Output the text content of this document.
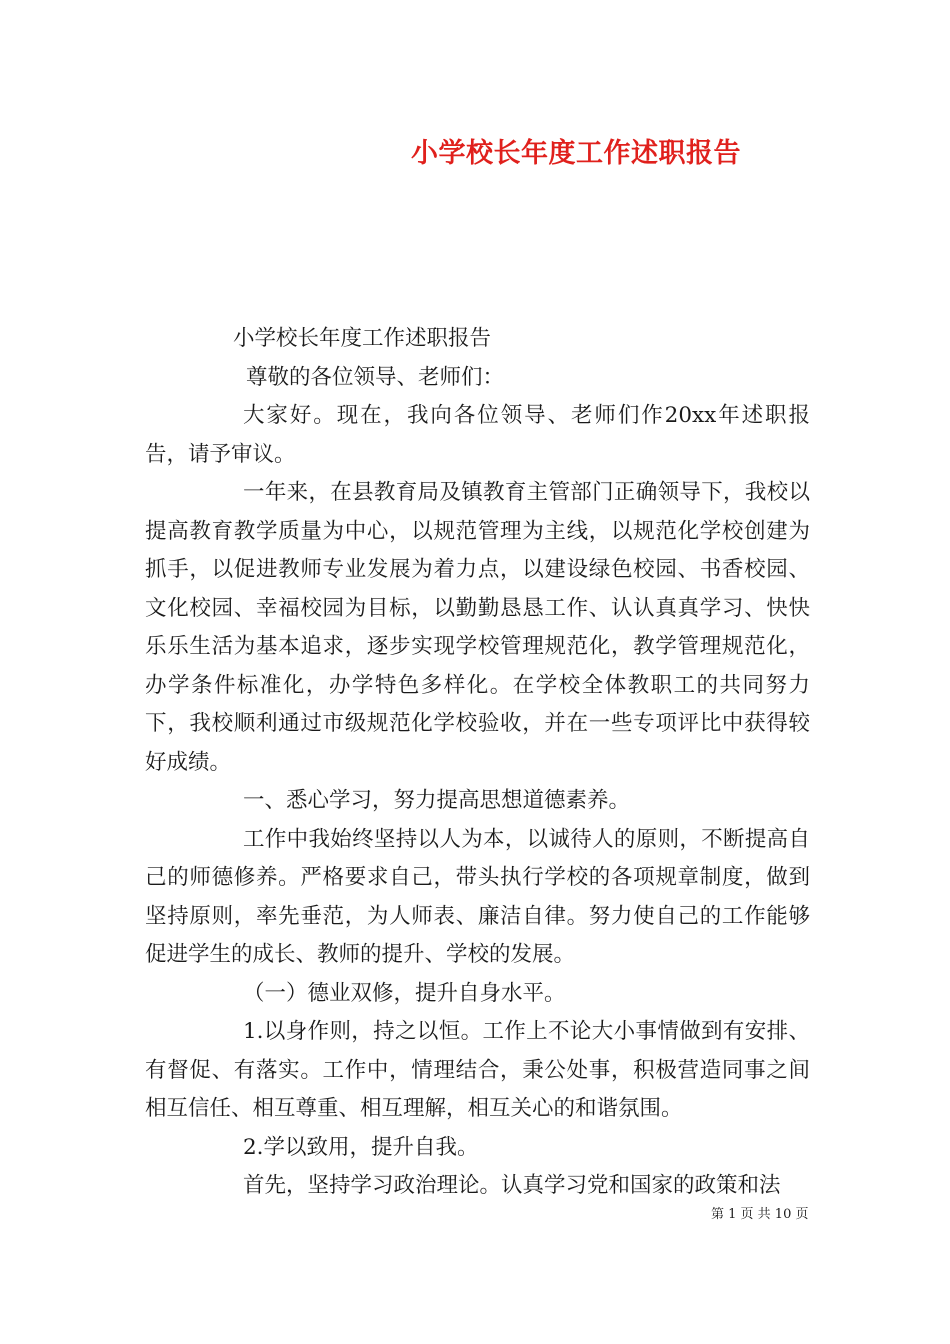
小学校长年度工作述职报告

小学校长年度工作述职报告

尊敬的各位领导、老师们：

大家好。现在，我向各位领导、老师们作20xx年述职报告，请予审议。

一年来，在县教育局及镇教育主管部门正确领导下，我校以提高教育教学质量为中心，以规范管理为主线，以规范化学校创建为抓手，以促进教师专业发展为着力点，以建设绿色校园、书香校园、文化校园、幸福校园为目标，以勤勤恳恳工作、认认真真学习、快快乐乐生活为基本追求，逐步实现学校管理规范化，教学管理规范化，办学条件标准化，办学特色多样化。在学校全体教职工的共同努力下，我校顺利通过市级规范化学校验收，并在一些专项评比中获得较好成绩。

一、悉心学习，努力提高思想道德素养。

工作中我始终坚持以人为本，以诚待人的原则，不断提高自己的师德修养。严格要求自己，带头执行学校的各项规章制度，做到坚持原则，率先垂范，为人师表、廉洁自律。努力使自己的工作能够促进学生的成长、教师的提升、学校的发展。

（一）德业双修，提升自身水平。

1.以身作则，持之以恒。工作上不论大小事情做到有安排、有督促、有落实。工作中，情理结合，秉公处事，积极营造同事之间相互信任、相互尊重、相互理解，相互关心的和谐氛围。

2.学以致用，提升自我。

首先，坚持学习政治理论。认真学习党和国家的政策和法

第 1 页 共 10 页
